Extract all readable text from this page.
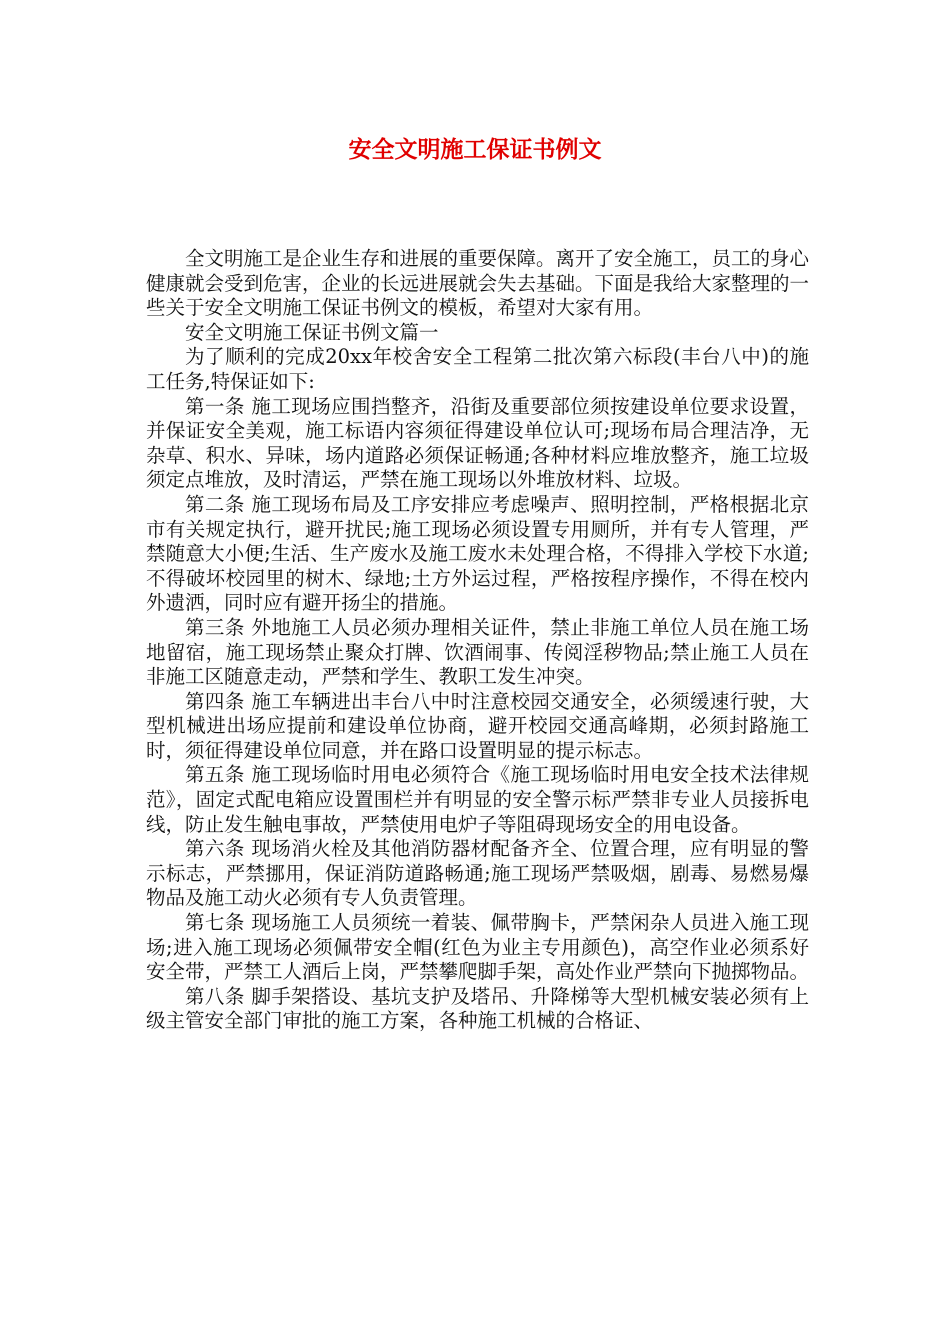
安全文明施工保证书例文

全文明施工是企业生存和进展的重要保障。离开了安全施工，员工的身心健康就会受到危害，企业的长远进展就会失去基础。下面是我给大家整理的一些关于安全文明施工保证书例文的模板，希望对大家有用。

安全文明施工保证书例文篇一

为了顺利的完成20xx年校舍安全工程第二批次第六标段(丰台八中)的施工任务,特保证如下:

第一条 施工现场应围挡整齐，沿街及重要部位须按建设单位要求设置，并保证安全美观，施工标语内容须征得建设单位认可;现场布局合理洁净，无杂草、积水、异味，场内道路必须保证畅通;各种材料应堆放整齐，施工垃圾须定点堆放，及时清运，严禁在施工现场以外堆放材料、垃圾。

第二条 施工现场布局及工序安排应考虑噪声、照明控制，严格根据北京市有关规定执行，避开扰民;施工现场必须设置专用厕所，并有专人管理，严禁随意大小便;生活、生产废水及施工废水未处理合格，不得排入学校下水道;不得破坏校园里的树木、绿地;土方外运过程，严格按程序操作，不得在校内外遗洒，同时应有避开扬尘的措施。

第三条 外地施工人员必须办理相关证件，禁止非施工单位人员在施工场地留宿，施工现场禁止聚众打牌、饮酒闹事、传阅淫秽物品;禁止施工人员在非施工区随意走动，严禁和学生、教职工发生冲突。

第四条 施工车辆进出丰台八中时注意校园交通安全，必须缓速行驶，大型机械进出场应提前和建设单位协商，避开校园交通高峰期，必须封路施工时，须征得建设单位同意，并在路口设置明显的提示标志。

第五条 施工现场临时用电必须符合《施工现场临时用电安全技术法律规范》，固定式配电箱应设置围栏并有明显的安全警示标严禁非专业人员接拆电线，防止发生触电事故，严禁使用电炉子等阻碍现场安全的用电设备。

第六条 现场消火栓及其他消防器材配备齐全、位置合理，应有明显的警示标志，严禁挪用，保证消防道路畅通;施工现场严禁吸烟，剧毒、易燃易爆物品及施工动火必须有专人负责管理。

第七条 现场施工人员须统一着装、佩带胸卡，严禁闲杂人员进入施工现场;进入施工现场必须佩带安全帽(红色为业主专用颜色)，高空作业必须系好安全带，严禁工人酒后上岗，严禁攀爬脚手架，高处作业严禁向下抛掷物品。

第八条 脚手架搭设、基坑支护及塔吊、升降梯等大型机械安装必须有上级主管安全部门审批的施工方案，各种施工机械的合格证、
